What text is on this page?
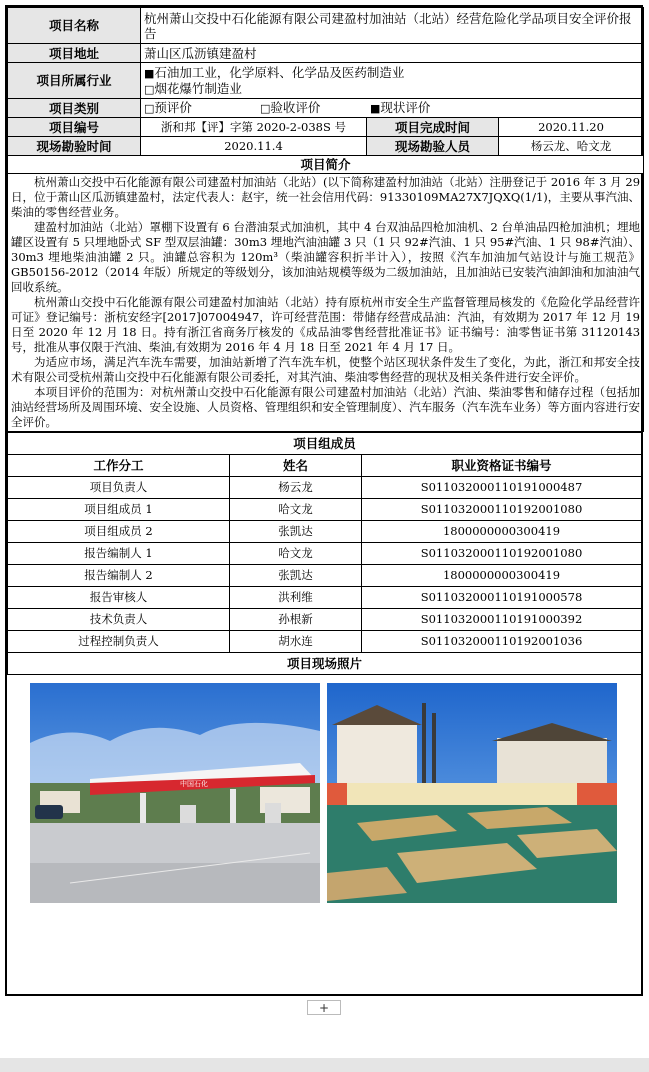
项目名称	杭州萧山交投中石化能源有限公司建盈村加油站（北站）经营危险化学品项目安全评价报告		
项目地址	萧山区瓜沥镇建盈村		
项目所属行业	■石油加工业，化学原料、化学品及医药制造业
□烟花爆竹制造业		

项目类别	□预评价 □验收评价 ■现状评价		
项目编号	浙和邦【评】字第 2020-2-038S 号	项目完成时间	2020.11.20
现场勘验时间	2020.11.4	现场勘验人员	杨云龙、哈文龙
项目简介			

杭州萧山交投中石化能源有限公司建盈村加油站（北站）(以下简称建盈村加油站（北站）注册登记于 2016 年 3 月 29 日，位于萧山区瓜沥镇建盈村，法定代表人：赵宇，统一社会信用代码：91330109MA27X7JQXQ(1/1)，主要从事汽油、柴油的零售经营业务。

建盈村加油站（北站）罩棚下设置有 6 台潜油泵式加油机，其中 4 台双油品四枪加油机、2 台单油品四枪加油机；埋地罐区设置有 5 只埋地卧式 SF 型双层油罐：30m3 埋地汽油油罐 3 只（1 只 92#汽油、1 只 95#汽油、1 只 98#汽油）、30m3 埋地柴油油罐 2 只。油罐总容积为 120m³（柴油罐容积折半计入），按照《汽车加油加气站设计与施工规范》GB50156-2012（2014 年版）所规定的等级划分，该加油站规模等级为二级加油站，且加油站已安装汽油卸油和加油油气回收系统。

杭州萧山交投中石化能源有限公司建盈村加油站（北站）持有原杭州市安全生产监督管理局核发的《危险化学品经营许可证》登记编号：浙杭安经字[2017]07004947，许可经营范围：带储存经营成品油：汽油，有效期为 2017 年 12 月 19 日至 2020 年 12 月 18 日。持有浙江省商务厅核发的《成品油零售经营批准证书》证书编号：油零售证书第 31120143 号，批准从事仅限于汽油、柴油,有效期为 2016 年 4 月 18 日至 2021 年 4 月 17 日。

为适应市场，满足汽车洗车需要，加油站新增了汽车洗车机，使整个站区现状条件发生了变化，为此，浙江和邦安全技术有限公司受杭州萧山交投中石化能源有限公司委托，对其汽油、柴油零售经营的现状及相关条件进行安全评价。

本项目评价的范围为：对杭州萧山交投中石化能源有限公司建盈村加油站（北站）汽油、柴油零售和储存过程（包括加油站经营场所及周围环境、安全设施、人员资格、管理组织和安全管理制度）、汽车服务（汽车洗车业务）等方面内容进行安全评价。			

项目组成员		
工作分工	姓名	职业资格证书编号
项目负责人	杨云龙	S011032000110191000487
项目组成员 1	哈文龙	S011032000110192001080
项目组成员 2	张凯达	1800000000300419
报告编制人 1	哈文龙	S011032000110192001080
报告编制人 2	张凯达	1800000000300419
报告审核人	洪利维	S011032000110191000578
技术负责人	孙根新	S011032000110191000392
过程控制负责人	胡水连	S011032000110192001036
项目现场照片		
中国石化
+
